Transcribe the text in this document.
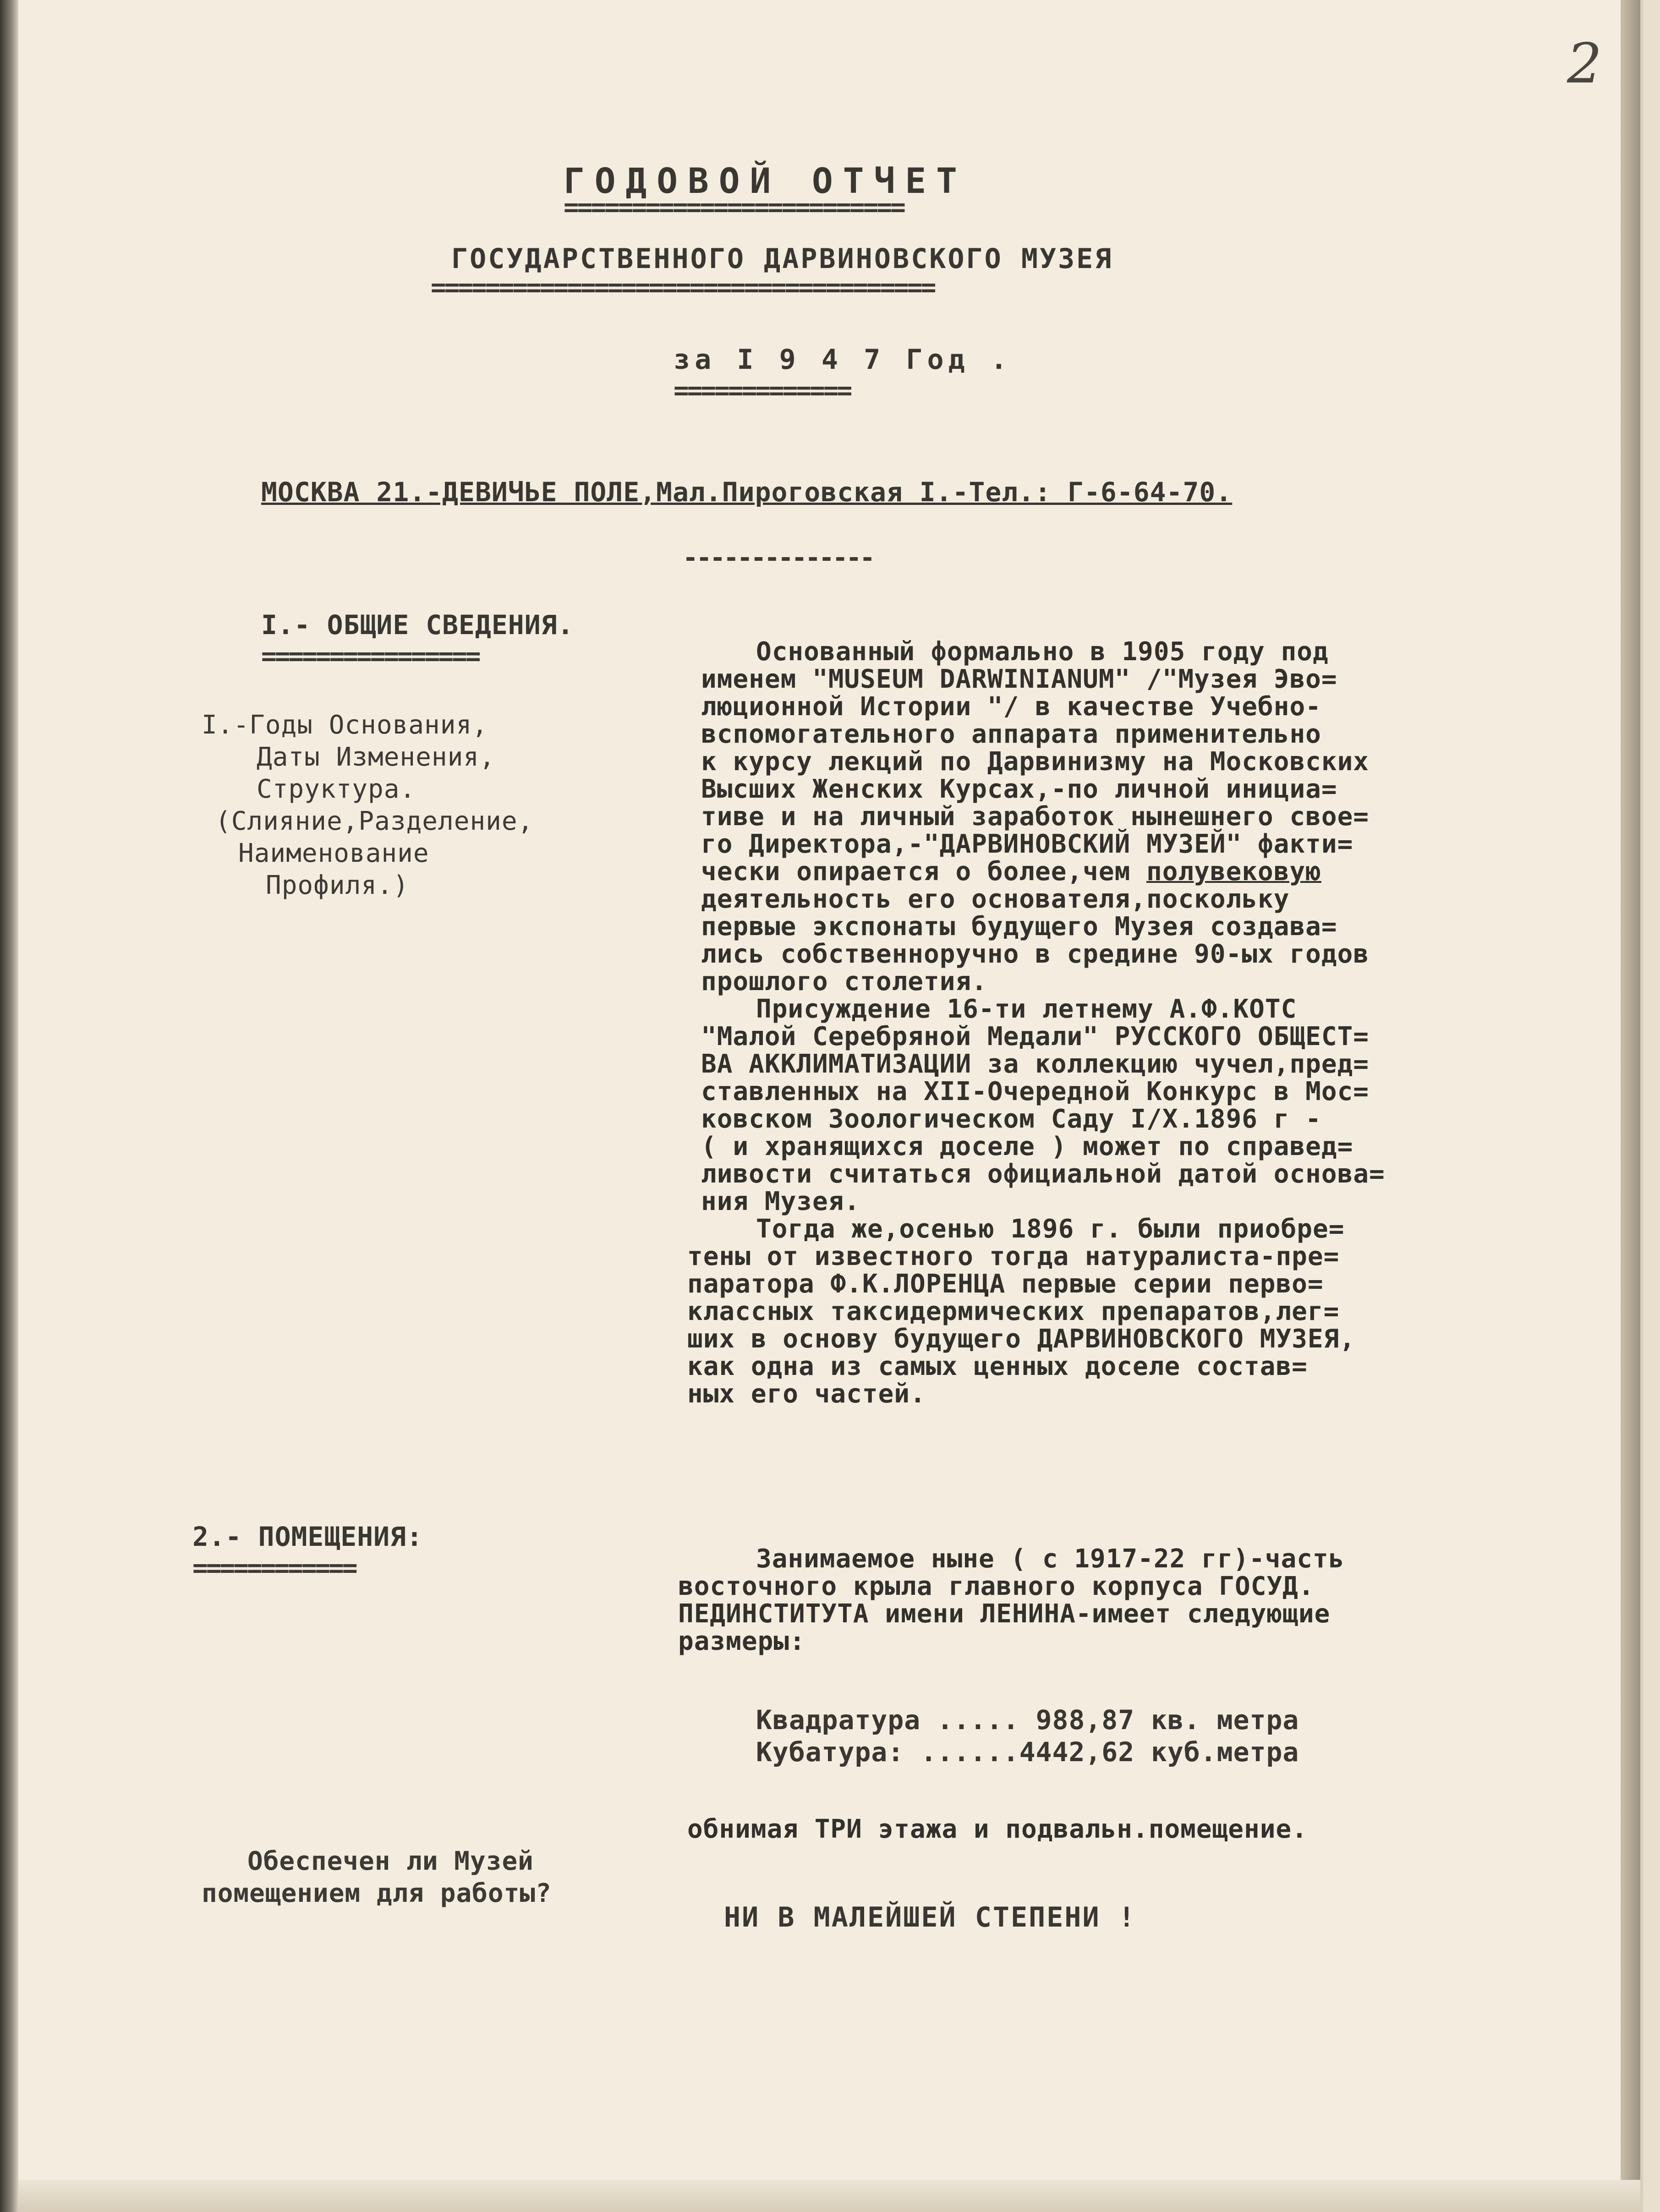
2
ГОДОВОЙ ОТЧЕТ
=========================
ГОСУДАРСТВЕННОГО ДАРВИНОВСКОГО МУЗЕЯ
=====================================
за I 9 4 7 Год .
=============
МОСКВА 21.-ДЕВИЧЬЕ ПОЛЕ,Мал.Пироговская I.-Тел.: Г-6-64-70.
--------------
I.- ОБЩИЕ СВЕДЕНИЯ.
================
I.-Годы Основания,
Даты Изменения,
Структура.
(Слияние,Разделение,
Наименование
Профиля.)
Основанный формально в 1905 году под
именем "MUSEUM DARWINIANUM" /"Музея Эво=
люционной Истории "/ в качестве Учебно-
вспомогательного аппарата применительно
к курсу лекций по Дарвинизму на Московских
Высших Женских Курсах,-по личной инициа=
тиве и на личный заработок нынешнего свое=
го Директора,-"ДАРВИНОВСКИЙ МУЗЕЙ" факти=
чески опирается о более,чем полувековую
деятельность его основателя,поскольку
первые экспонаты будущего Музея создава=
лись собственноручно в средине 90-ых годов
прошлого столетия.
Присуждение 16-ти летнему А.Ф.КОТС
"Малой Серебряной Медали" РУССКОГО ОБЩЕСТ=
ВА АККЛИМАТИЗАЦИИ за коллекцию чучел,пред=
ставленных на XII-Очередной Конкурс в Мос=
ковском Зоологическом Саду I/X.1896 г -
( и хранящихся доселе ) может по справед=
ливости считаться официальной датой основа=
ния Музея.
Тогда же,осенью 1896 г. были приобре=
тены от известного тогда натуралиста-пре=
паратора Ф.К.ЛОРЕНЦА первые серии перво=
классных таксидермических препаратов,лег=
ших в основу будущего ДАРВИНОВСКОГО МУЗЕЯ,
как одна из самых ценных доселе состав=
ных его частей.
2.- ПОМЕЩЕНИЯ:
============	Занимаемое ныне ( с 1917-22 гг)-часть
восточного крыла главного корпуса ГОСУД.
ПЕДИНСТИТУТА имени ЛЕНИНА-имеет следующие
размеры:
Квадратура ..... 988,87 кв. метра
Кубатура: ......4442,62 куб.метра
обнимая ТРИ этажа и подвальн.помещение.
Обеспечен ли Музей
помещением для работы?
НИ В МАЛЕЙШЕЙ СТЕПЕНИ !
